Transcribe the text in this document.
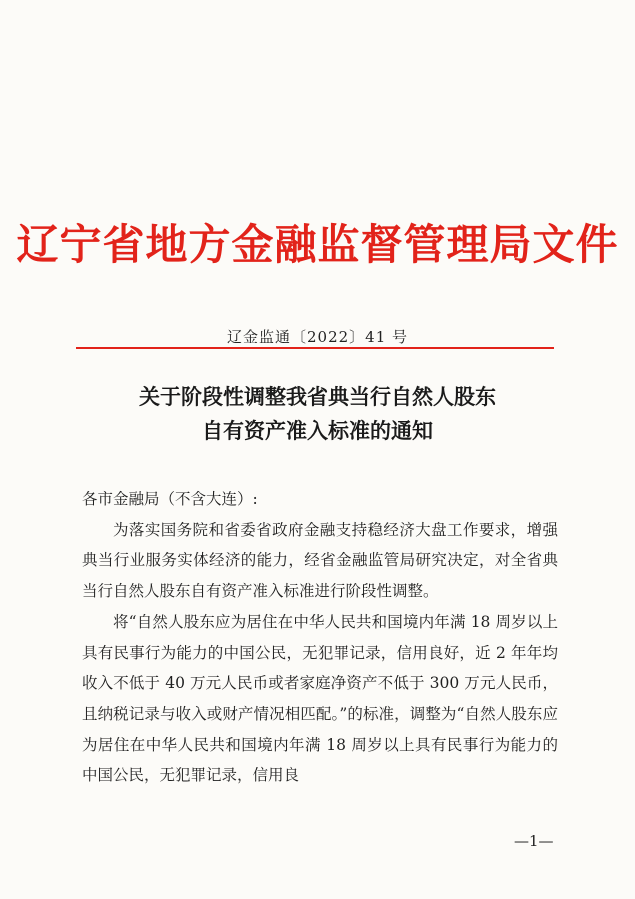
辽宁省地方金融监督管理局文件
辽金监通〔2022〕41 号
关于阶段性调整我省典当行自然人股东
自有资产准入标准的通知

各市金融局（不含大连）:

为落实国务院和省委省政府金融支持稳经济大盘工作要求，增强典当行业服务实体经济的能力，经省金融监管局研究决定，对全省典当行自然人股东自有资产准入标准进行阶段性调整。

将“自然人股东应为居住在中华人民共和国境内年满 18 周岁以上具有民事行为能力的中国公民，无犯罪记录，信用良好，近 2 年年均收入不低于 40 万元人民币或者家庭净资产不低于 300 万元人民币，且纳税记录与收入或财产情况相匹配。”的标准，调整为“自然人股东应为居住在中华人民共和国境内年满 18 周岁以上具有民事行为能力的中国公民，无犯罪记录，信用良

—1—
